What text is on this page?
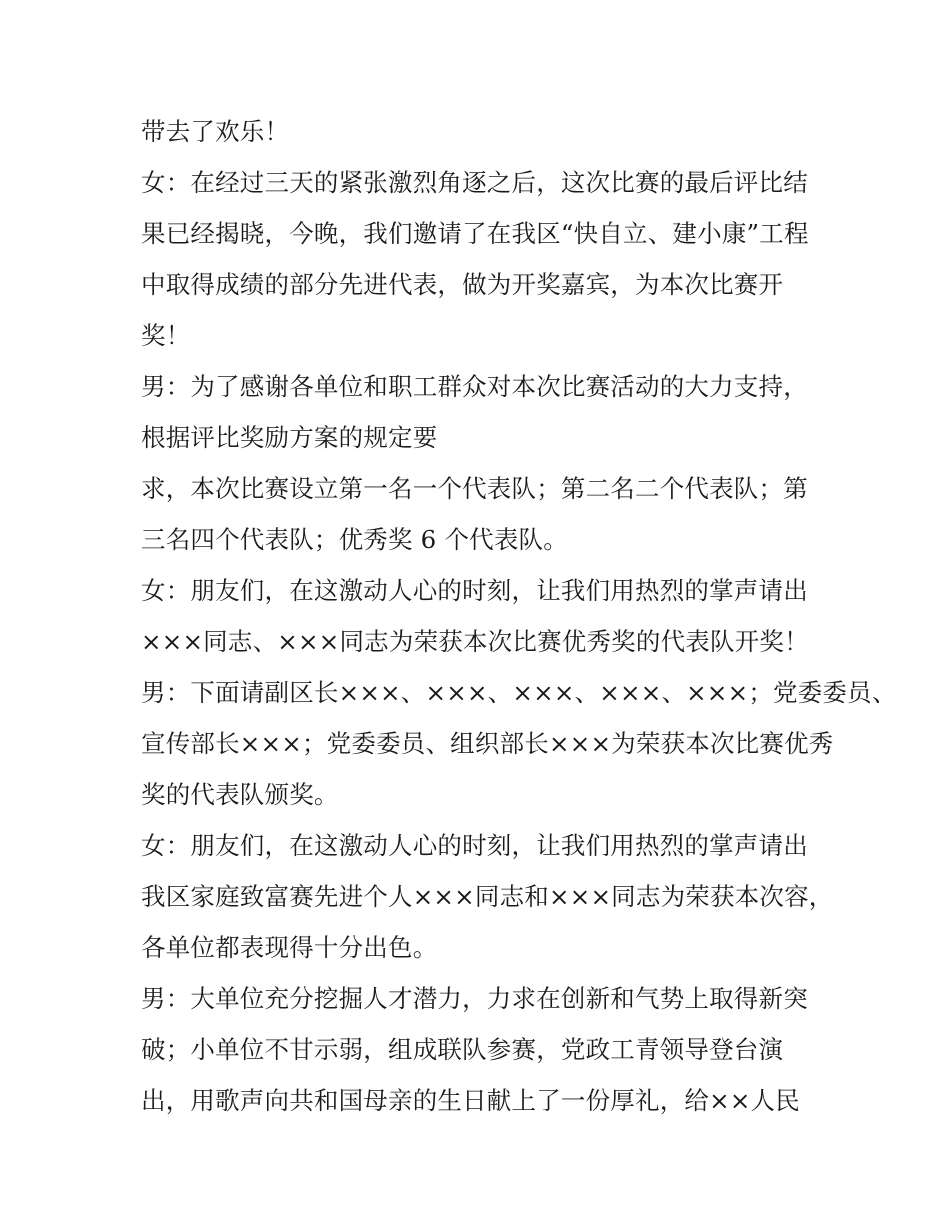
带去了欢乐！
女：在经过三天的紧张激烈角逐之后，这次比赛的最后评比结
果已经揭晓，今晚，我们邀请了在我区“快自立、建小康”工程
中取得成绩的部分先进代表，做为开奖嘉宾，为本次比赛开
奖！
男：为了感谢各单位和职工群众对本次比赛活动的大力支持，
根据评比奖励方案的规定要
求，本次比赛设立第一名一个代表队；第二名二个代表队；第
三名四个代表队；优秀奖 6 个代表队。
女：朋友们，在这激动人心的时刻，让我们用热烈的掌声请出
×××同志、×××同志为荣获本次比赛优秀奖的代表队开奖！
男：下面请副区长×××、×××、×××、×××、×××；党委委员、
宣传部长×××；党委委员、组织部长×××为荣获本次比赛优秀
奖的代表队颁奖。
女：朋友们，在这激动人心的时刻，让我们用热烈的掌声请出
我区家庭致富赛先进个人×××同志和×××同志为荣获本次容，
各单位都表现得十分出色。
男：大单位充分挖掘人才潜力，力求在创新和气势上取得新突
破；小单位不甘示弱，组成联队参赛，党政工青领导登台演
出，用歌声向共和国母亲的生日献上了一份厚礼，给××人民
